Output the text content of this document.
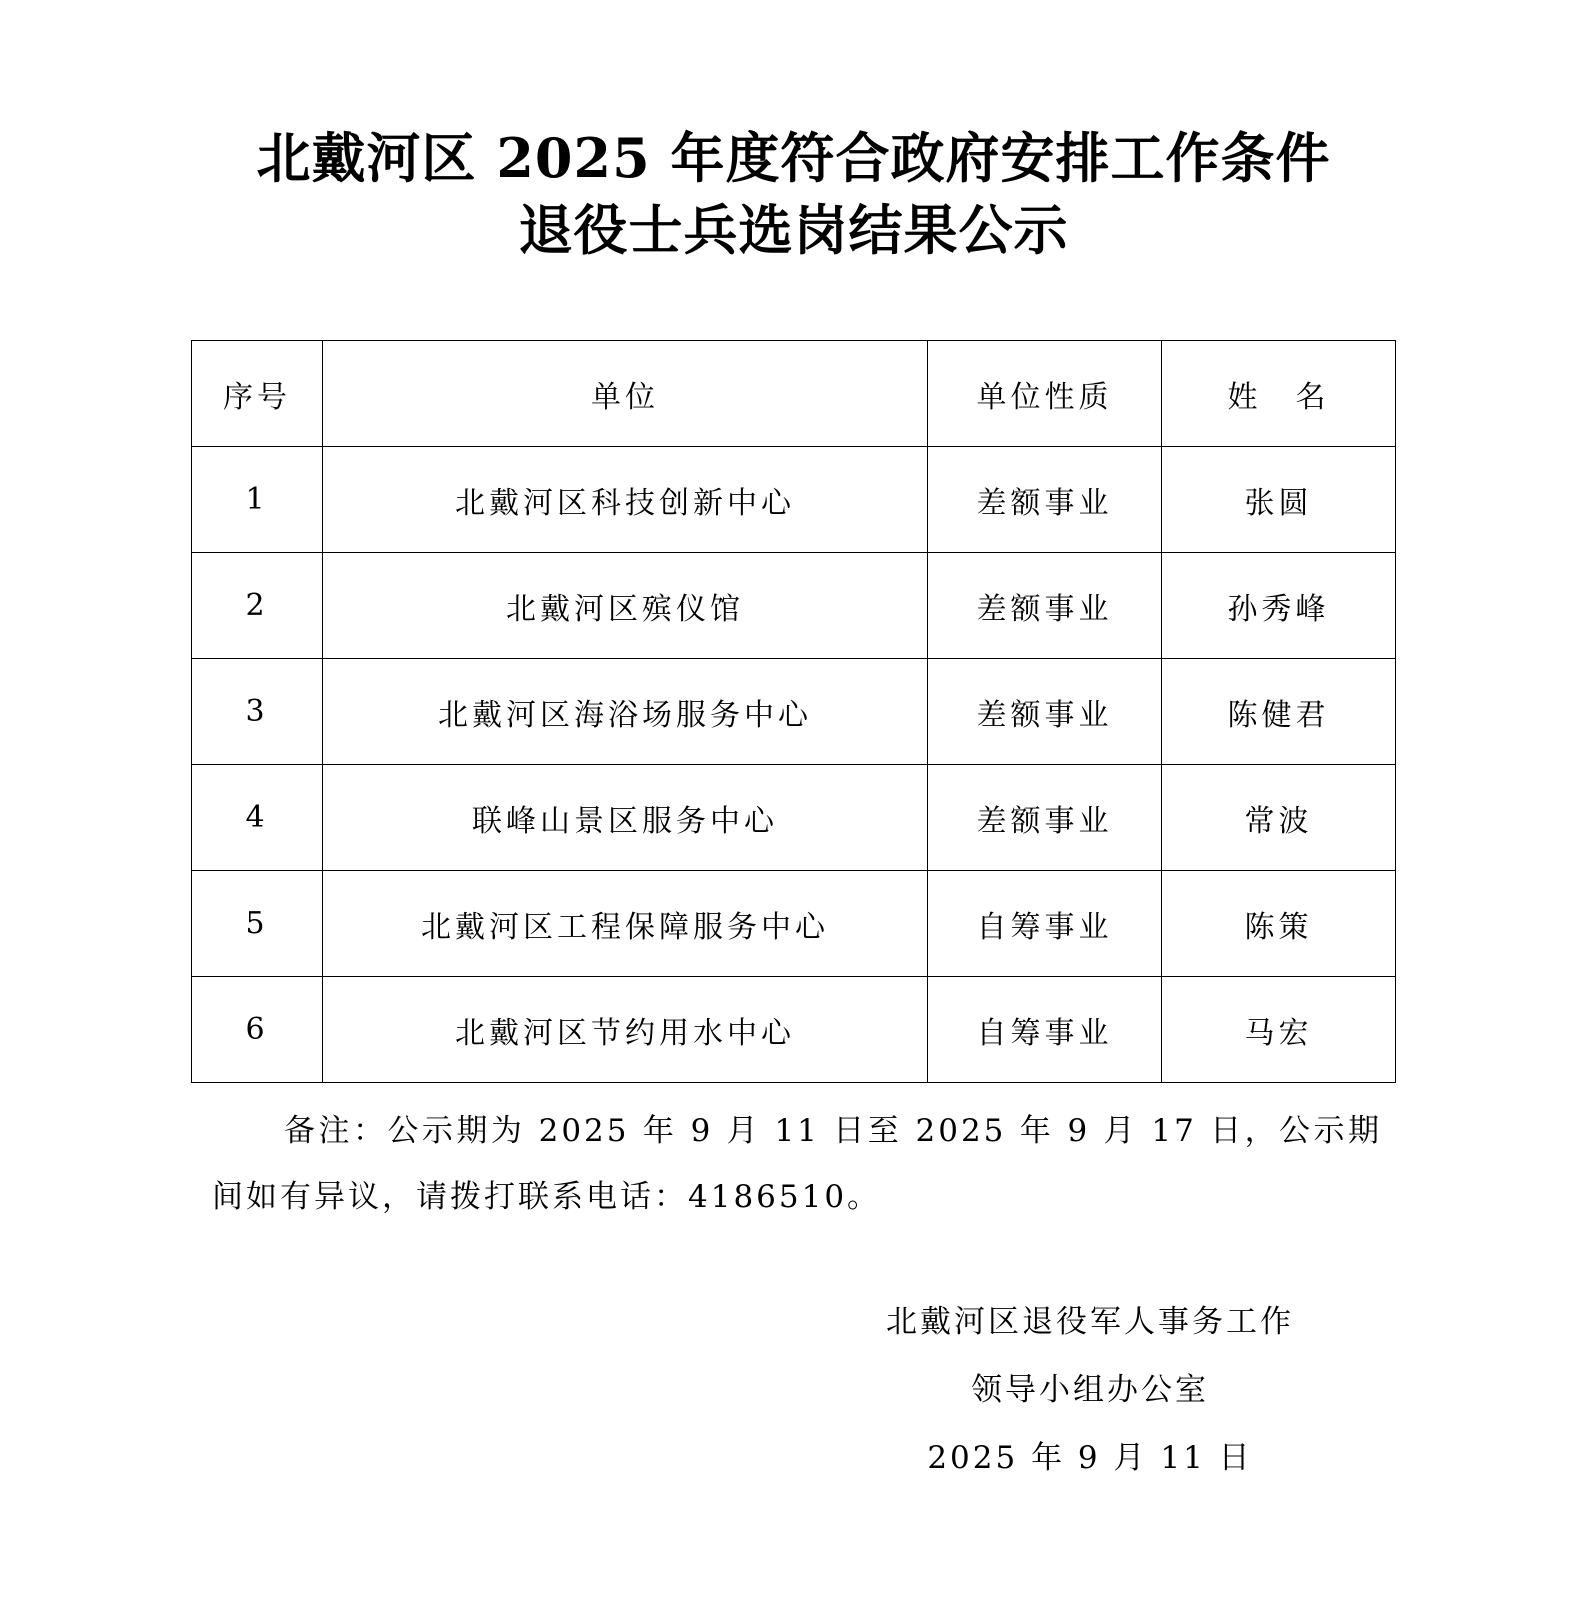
北戴河区 2025 年度符合政府安排工作条件
退役士兵选岗结果公示
序号	单位	单位性质	姓　名
1	北戴河区科技创新中心	差额事业	张圆
2	北戴河区殡仪馆	差额事业	孙秀峰
3	北戴河区海浴场服务中心	差额事业	陈健君
4	联峰山景区服务中心	差额事业	常波
5	北戴河区工程保障服务中心	自筹事业	陈策
6	北戴河区节约用水中心	自筹事业	马宏
备注：公示期为 2025 年 9 月 11 日至 2025 年 9 月 17 日，公示期间如有异议，请拨打联系电话：4186510。
北戴河区退役军人事务工作
领导小组办公室
2025 年 9 月 11 日
